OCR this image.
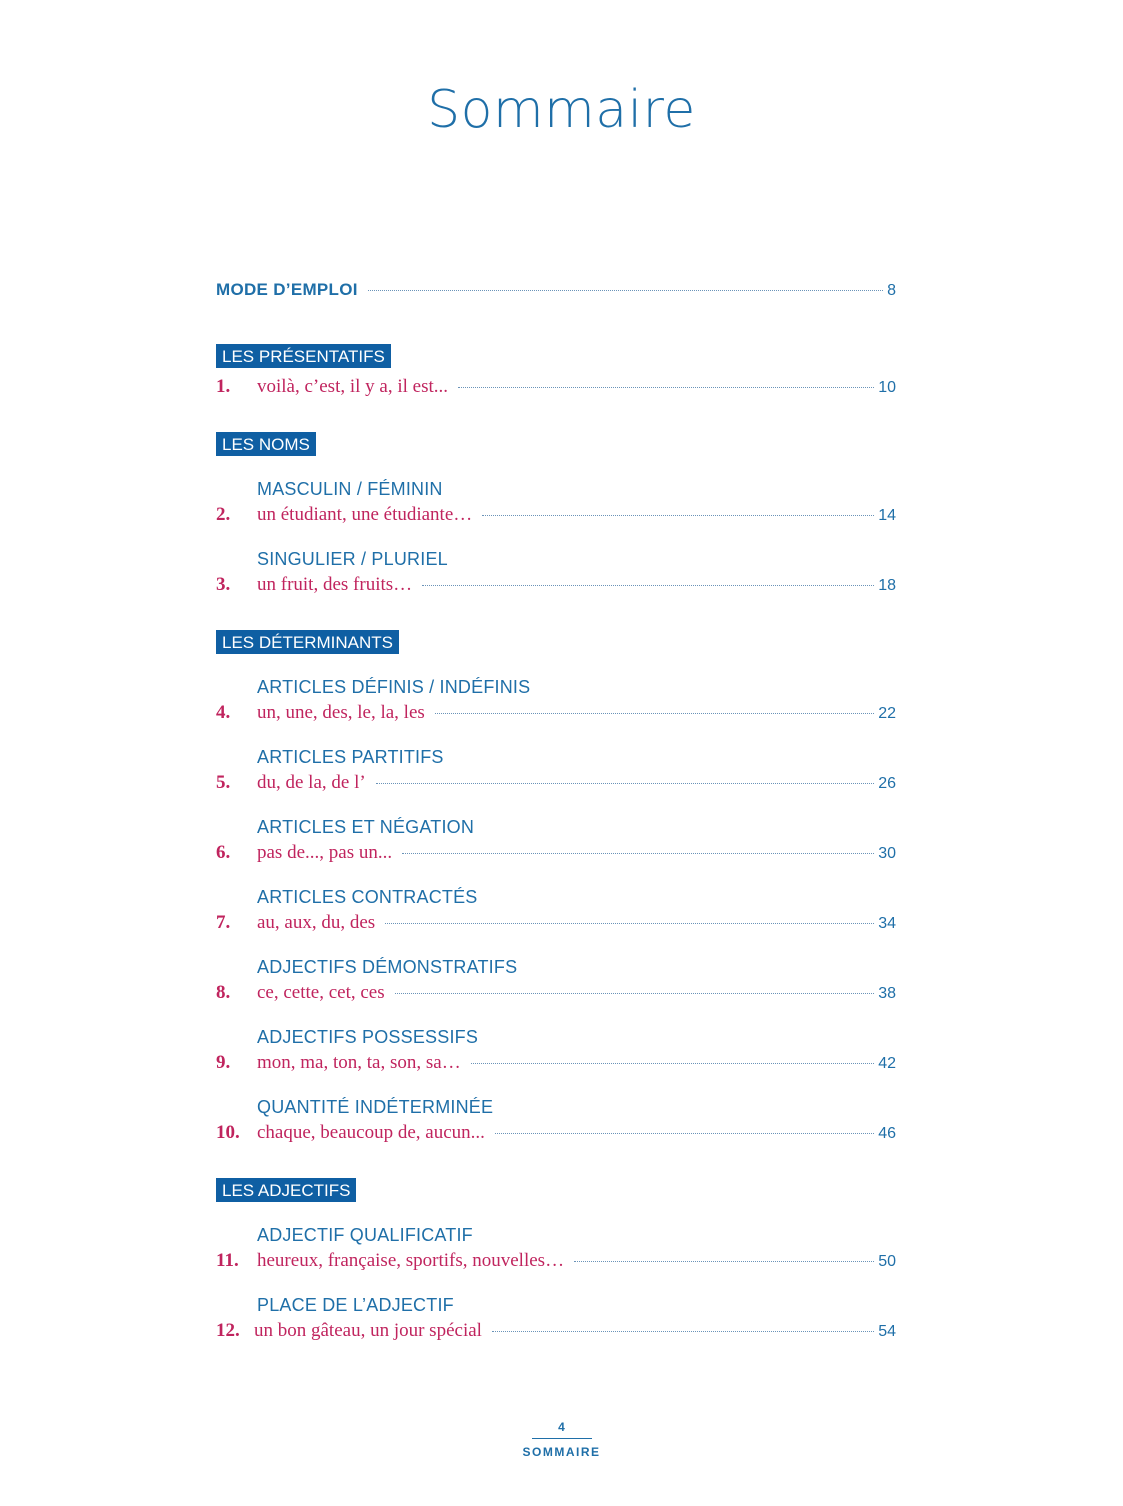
Sommaire
MODE D’EMPLOI	8
LES PRÉSENTATIFS
1.	voilà, c’est, il y a, il est...	10
LES NOMS
MASCULIN / FÉMININ
2.	un étudiant, une étudiante…	14
SINGULIER / PLURIEL
3.	un fruit, des fruits…	18
LES DÉTERMINANTS
ARTICLES DÉFINIS / INDÉFINIS
4.	un, une, des, le, la, les	22
ARTICLES PARTITIFS
5.	du, de la, de l’	26
ARTICLES ET NÉGATION
6.	pas de..., pas un...	30
ARTICLES CONTRACTÉS
7.	au, aux, du, des	34
ADJECTIFS DÉMONSTRATIFS
8.	ce, cette, cet, ces	38
ADJECTIFS POSSESSIFS
9.	mon, ma, ton, ta, son, sa…	42
QUANTITÉ INDÉTERMINÉE
10. chaque, beaucoup de, aucun...	46
LES ADJECTIFS
ADJECTIF QUALIFICATIF
11. heureux, française, sportifs, nouvelles…	50
PLACE DE L’ADJECTIF
12. un bon gâteau, un jour spécial	54
4
SOMMAIRE
